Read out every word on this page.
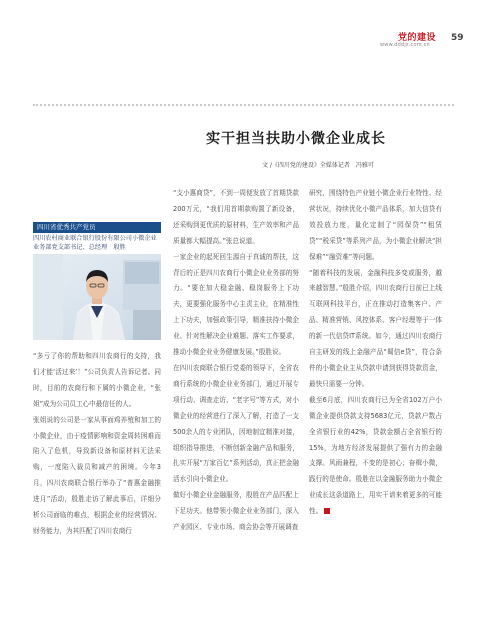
党的建设
www.dddjs.com.cn
59
实干担当扶助小微企业成长
文 /《四川党的建设》全媒体记者　冯雅可
四川省优秀共产党员
四川农村商业联合银行股份有限公司小微企业业务部党支部书记、总经理　殷胜

“多亏了你的帮助和四川农商行的支持，我们才能‘活过来’！”公司负责人告诉记者。同时，目前的农商行和下属的小微企业，“张姐”成为公司员工心中最信任的人。

张姐说的公司是一家从事面鸡养殖和加工的小微企业，由于疫情影响和资金周转困难而陷入了危机，导致新设备和原材料无法采购，一度陷入裁员和减产的困境。今年3月，四川农商联合银行举办了“普惠金融推进月”活动，殷胜走访了解此事后，详细分析公司面临的难点，根据企业的经营情况、财务能力，为其匹配了四川农商行

“支小惠商贷”，不到一周便发放了首期贷款200万元，“我们用首期款购置了新设备，还采购到更优质的原材料，生产效率和产品质量都大幅提高。”张总说道。

一家企业的起死回生源自于真诚的帮扶，这背后的正是四川农商行小微企业业务部的努力。“要在加大稳金融、稳岗服务上下功夫，更要强化服务中心主责主业，在精准性上下功夫，加强政策引导，精准扶持小微企业、针对性解决企业难题、落实工作要求，推动小微企业业务健康发展。”殷胜说。

在四川农商联合银行党委的领导下，全省农商行系统的小微企业业务部门，通过开展专项行动、调查走访、“老字号”等方式，对小微企业的经营进行了深入了解，打造了一支500余人的专业团队，因地制宜精准对接，组织指导推进，不断创新金融产品和服务，扎实开展“万家百亿”系列活动，真正把金融活水引向小微企业。

做好小微企业金融服务，殷胜在产品匹配上下足功夫。他带领小微企业业务部门，深入产业园区、专业市场、商会协会等开展调查

研究，围绕特色产业链小微企业行业特性、经营状况，持续优化小微产品体系，加大信贷有效投放力度，量化定制了“园保贷”“租赁贷”“税采贷”等系列产品，为小微企业解决“担保难”“融资难”等问题。

“随着科技的发展，金融科技多变或服务，越来越智慧。”殷胜介绍，四川农商行目前已上线互联网科技平台，正在推动打造集客户、产品、精准营销、风控体系、客户经理等于一体的新一代信贷IT系统。如今，通过四川农商行自主研发的线上金融产品“蜀信e贷”，符合条件的小微企业主从贷款申请到获得贷款资金，最快只需要一分钟。

截至6月底，四川农商行已为全省102万户小微企业提供贷款支持5683亿元，贷款户数占全省银行业的42%，贷款金额占全省银行的15%，为地方经济发展提供了强有力的金融支撑。风雨兼程，不变的是初心；奋楫小微，践行的是使命。殷胜在以金融服务助力小微企业成长这条道路上，用实干谱来着更多的可能性。
